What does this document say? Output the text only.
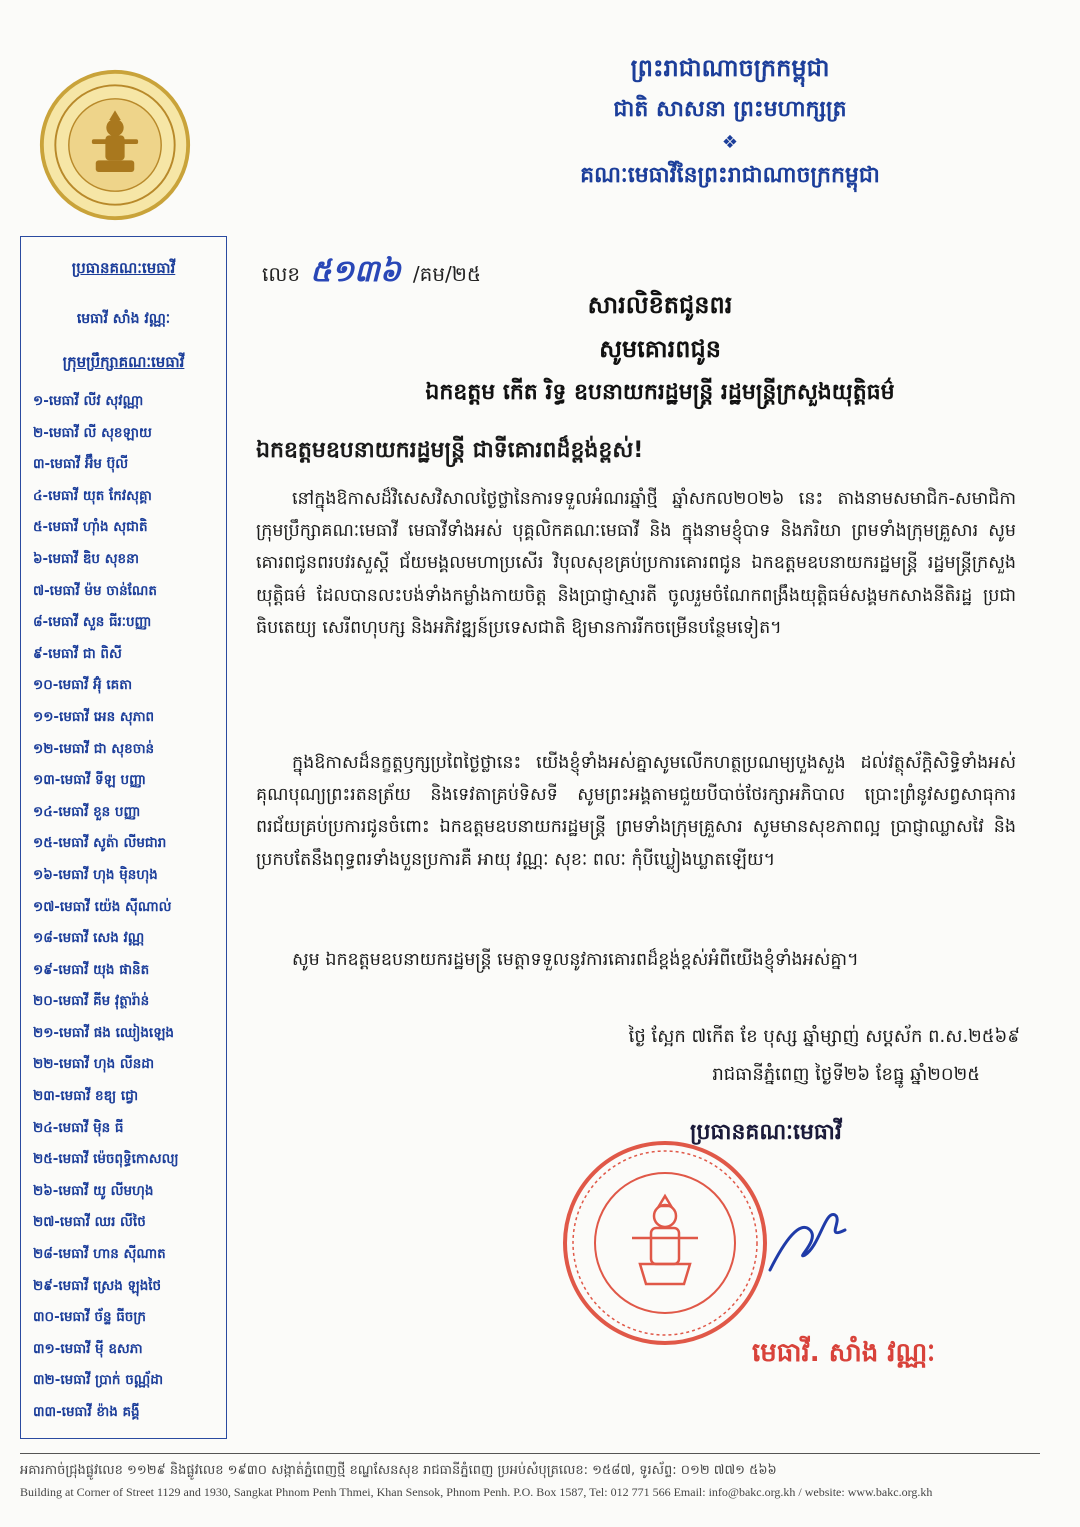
ព្រះរាជាណាចក្រកម្ពុជា
ជាតិ សាសនា ព្រះមហាក្សត្រ
❖
គណៈមេធាវីនៃព្រះរាជាណាចក្រកម្ពុជា
ប្រធានគណៈមេធាវី
មេធាវី សាំង វណ្ណៈ
ក្រុមប្រឹក្សាគណៈមេធាវី
១-មេធាវី លីវ សុវណ្ណា
២-មេធាវី លី សុខឡាយ
៣-មេធាវី អ៊ឹម ប៊ុលី
៤-មេធាវី យុត កែវសុគ្គា
៥-មេធាវី ហ៊ាំង សុជាតិ
៦-មេធាវី ឌិប សុខនា
៧-មេធាវី ម៉ម ចាន់ណែត
៨-មេធាវី សួន ធីរៈបញ្ញា
៩-មេធាវី ជា ពិសី
១០-មេធាវី អ៊ុំ គេតា
១១-មេធាវី អេន សុភាព
១២-មេធាវី ជា សុខចាន់
១៣-មេធាវី ទីឡ បញ្ញា
១៤-មេធាវី ខួន បញ្ញា
១៥-មេធាវី សូត៉ា លីមជារា
១៦-មេធាវី ហុង ម៉ិនហុង
១៧-មេធាវី យ៉េង ស៊ីណាល់
១៨-មេធាវី សេង វណ្ណ
១៩-មេធាវី យុង ផានិត
២០-មេធាវី គីម វុត្ថារ៉ាន់
២១-មេធាវី ផង ឈៀងឡេង
២២-មេធាវី ហុង លីនដា
២៣-មេធាវី ខឌ្យ ជ្វោ
២៤-មេធាវី ម៉ិន ធី
២៥-មេធាវី ម៉េចពុទ្ធិកោសល្យ
២៦-មេធាវី យូ លីមហុង
២៧-មេធាវី ឈរ លីថៃ
២៨-មេធាវី ហាន ស៊ីណាត
២៩-មេធាវី ស្រេង ឡុងថៃ
៣០-មេធាវី ច័ន្ទ ធីចក្រ
៣១-មេធាវី ម៉ី ឧសភា
៣២-មេធាវី ប្រាក់ ចណ្ណ័ដា
៣៣-មេធាវី ខ៉ាង គង្គី
លេខ ៥១៣៦ /គម/២៥
សារលិខិតជូនពរ
សូមគោរពជូន
ឯកឧត្តម កើត រិទ្ធ ឧបនាយករដ្ឋមន្ត្រី រដ្ឋមន្ត្រីក្រសួងយុត្តិធម៌
ឯកឧត្តមឧបនាយករដ្ឋមន្ត្រី ជាទីគោរពដ៏ខ្ពង់ខ្ពស់!

នៅក្នុងឱកាសដ៏វិសេសវិសាលថ្ងៃថ្លានៃការទទួលអំណរឆ្នាំថ្មី ឆ្នាំសកល២០២៦ នេះ តាងនាមសមាជិក-សមាជិកាក្រុមប្រឹក្សាគណៈមេធាវី មេធាវីទាំងអស់ បុគ្គលិកគណៈមេធាវី និង ក្នុងនាមខ្ញុំបាទ និងភរិយា ព្រមទាំងក្រុមគ្រួសារ សូមគោរពជូនពរបវរសួស្តី ជ័យមង្គលមហាប្រសើរ វិបុលសុខគ្រប់ប្រការគោរពជូន ឯកឧត្តមឧបនាយករដ្ឋមន្ត្រី រដ្ឋមន្ត្រីក្រសួងយុត្តិធម៌ ដែលបានលះបង់ទាំងកម្លាំងកាយចិត្ត និងប្រាជ្ញាស្មារតី ចូលរួមចំណែកពង្រឹងយុត្តិធម៌សង្គមកសាងនីតិរដ្ឋ ប្រជាធិបតេយ្យ សេរីពហុបក្ស និងអភិវឌ្ឍន៍ប្រទេសជាតិ ឱ្យមានការរីកចម្រើនបន្ថែមទៀត។

ក្នុងឱកាសដ៏នក្ខត្តឫក្សប្រពៃថ្ងៃថ្លានេះ យើងខ្ញុំទាំងអស់គ្នាសូមលើកហត្ថប្រណម្យបួងសួង ដល់វត្ថុស័ក្តិសិទ្ធិទាំងអស់ គុណបុណ្យព្រះរតនត្រ័យ និងទេវតាគ្រប់ទិសទី សូមព្រះអង្គតាមជួយបីបាច់ថែរក្សាអភិបាល ប្រោះព្រំនូវសព្វសាធុការពរជ័យគ្រប់ប្រការជូនចំពោះ ឯកឧត្តមឧបនាយករដ្ឋមន្ត្រី ព្រមទាំងក្រុមគ្រួសារ សូមមានសុខភាពល្អ ប្រាជ្ញាឈ្លាសវៃ និងប្រកបតែនឹងពុទ្ធពរទាំងបួនប្រការគឺ អាយុ វណ្ណៈ សុខៈ ពលៈ កុំបីឃ្លៀងឃ្លាតឡើយ។

សូម ឯកឧត្តមឧបនាយករដ្ឋមន្ត្រី មេត្តាទទួលនូវការគោរពដ៏ខ្ពង់ខ្ពស់អំពីយើងខ្ញុំទាំងអស់គ្នា។

ថ្ងៃ ស្អែក ៧កើត ខែ បុស្ស ឆ្នាំម្សាញ់ សប្តស័ក ព.ស.២៥៦៩
រាជធានីភ្នំពេញ ថ្ងៃទី២៦ ខែធ្នូ ឆ្នាំ២០២៥
ប្រធានគណៈមេធាវី
មេធាវី. សាំង វណ្ណៈ
អគារកាច់ជ្រុងផ្លូវលេខ ១១២៩ និងផ្លូវលេខ ១៩៣០ សង្កាត់ភ្នំពេញថ្មី ខណ្ឌសែនសុខ រាជធានីភ្នំពេញ ប្រអប់សំបុត្រលេខ: ១៥៨៧, ទូរស័ព្ទ: ០១២ ៧៧១ ៥៦៦
Building at Corner of Street 1129 and 1930, Sangkat Phnom Penh Thmei, Khan Sensok, Phnom Penh. P.O. Box 1587, Tel: 012 771 566 Email: info@bakc.org.kh / website: www.bakc.org.kh
